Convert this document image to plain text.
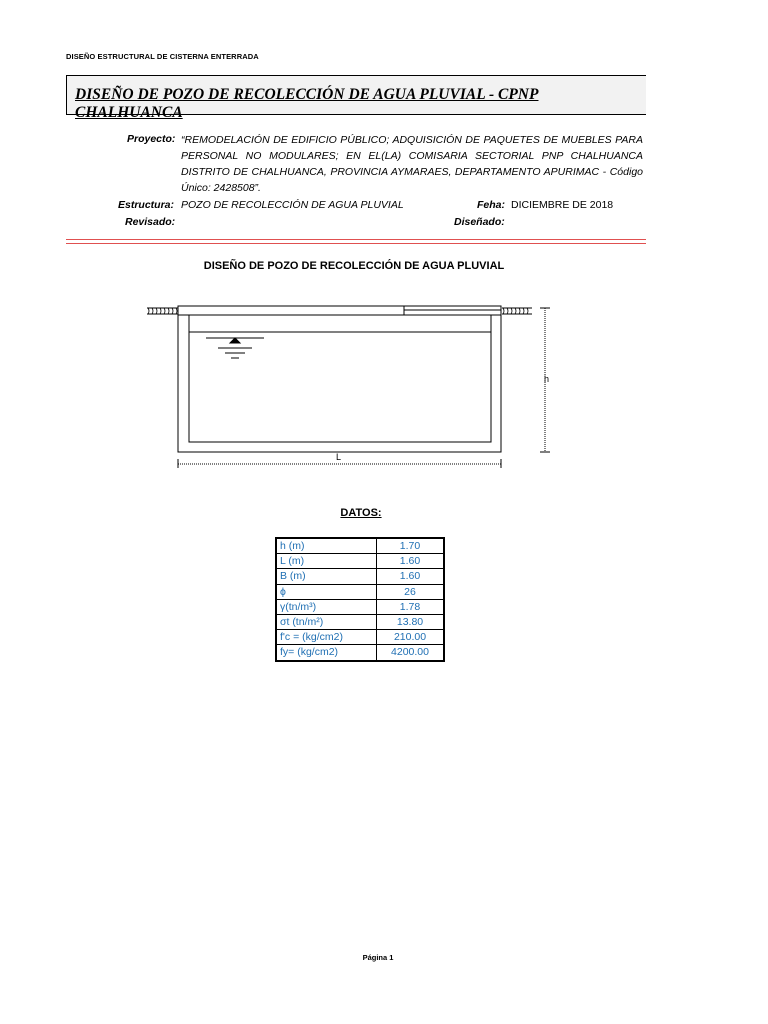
DISEÑO ESTRUCTURAL DE CISTERNA ENTERRADA
DISEÑO DE POZO DE RECOLECCIÓN DE AGUA PLUVIAL - CPNP CHALHUANCA
Proyecto: “REMODELACIÓN DE EDIFICIO PÚBLICO; ADQUISICIÓN DE PAQUETES DE MUEBLES PARA PERSONAL NO MODULARES; EN EL(LA) COMISARIA SECTORIAL PNP CHALHUANCA DISTRITO DE CHALHUANCA, PROVINCIA AYMARAES, DEPARTAMENTO APURIMAC - Código Único: 2428508”.
Estructura: POZO DE RECOLECCIÓN DE AGUA PLUVIAL	Feha: DICIEMBRE DE 2018
Revisado:	Diseñado:
DISEÑO DE POZO DE RECOLECCIÓN DE AGUA PLUVIAL
h
L
DATOS:
h (m)	1.70
L (m)	1.60
B (m)	1.60
ϕ	26
γ(tn/m³)	1.78
σt (tn/m²)	13.80
f'c = (kg/cm2)	210.00
fy= (kg/cm2)	4200.00
Página 1
